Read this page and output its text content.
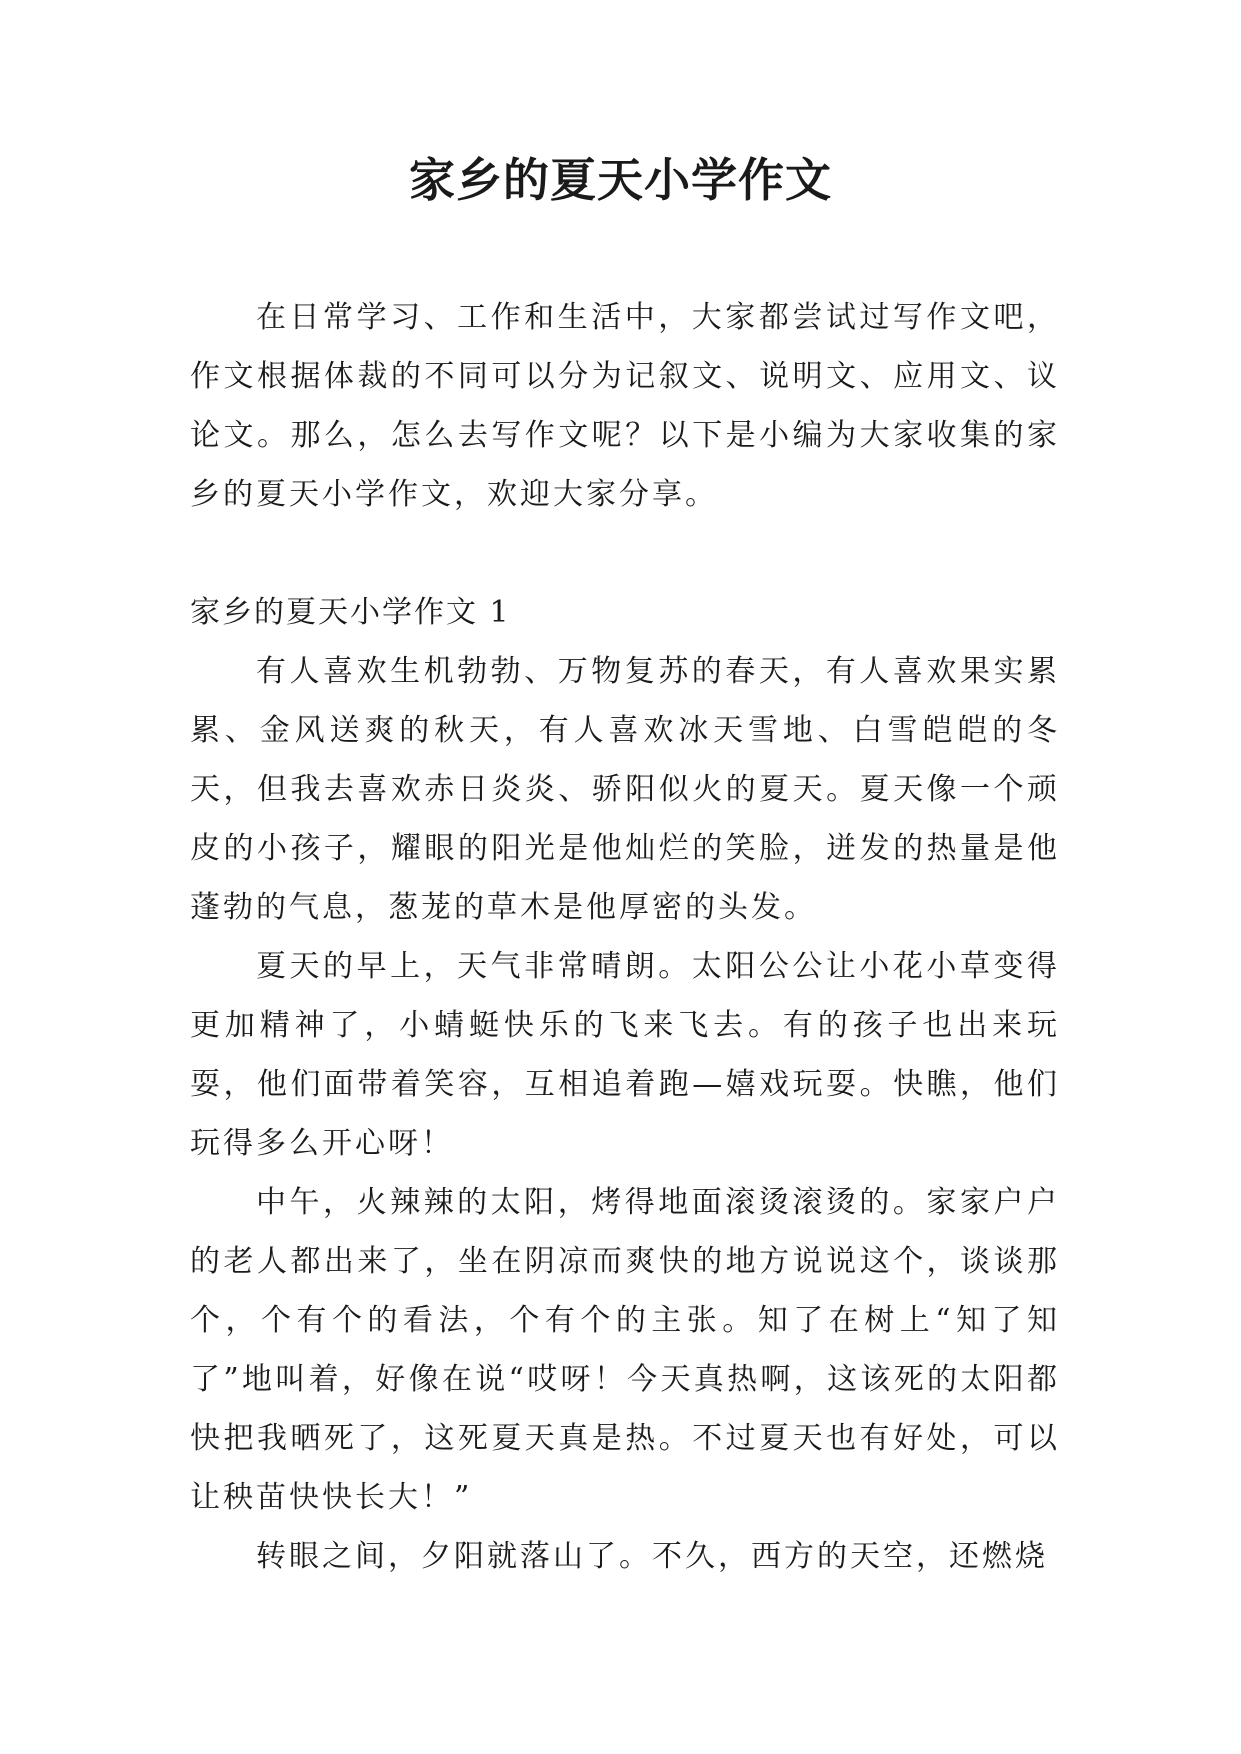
家乡的夏天小学作文

在日常学习、工作和生活中，大家都尝试过写作文吧，作文根据体裁的不同可以分为记叙文、说明文、应用文、议论文。那么，怎么去写作文呢？以下是小编为大家收集的家乡的夏天小学作文，欢迎大家分享。

家乡的夏天小学作文 1

有人喜欢生机勃勃、万物复苏的春天，有人喜欢果实累累、金风送爽的秋天，有人喜欢冰天雪地、白雪皑皑的冬天，但我去喜欢赤日炎炎、骄阳似火的夏天。夏天像一个顽皮的小孩子，耀眼的阳光是他灿烂的笑脸，迸发的热量是他蓬勃的气息，葱茏的草木是他厚密的头发。

夏天的早上，天气非常晴朗。太阳公公让小花小草变得更加精神了，小蜻蜓快乐的飞来飞去。有的孩子也出来玩耍，他们面带着笑容，互相追着跑—嬉戏玩耍。快瞧，他们玩得多么开心呀！

中午，火辣辣的太阳，烤得地面滚烫滚烫的。家家户户的老人都出来了，坐在阴凉而爽快的地方说说这个，谈谈那个，个有个的看法，个有个的主张。知了在树上“知了知了”地叫着，好像在说“哎呀！今天真热啊，这该死的太阳都快把我晒死了，这死夏天真是热。不过夏天也有好处，可以让秧苗快快长大！”

转眼之间，夕阳就落山了。不久，西方的天空，还燃烧
